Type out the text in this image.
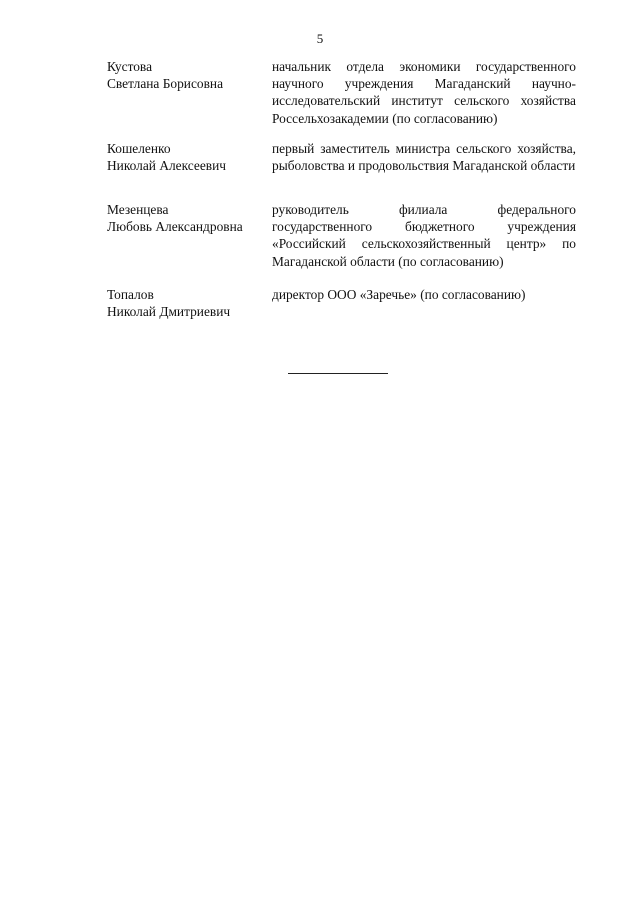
5
Кустова
Светлана Борисовна
начальник отдела экономики государственного научного учреждения Магаданский научно-исследовательский институт сельского хозяйства Россельхозакадемии (по согласованию)
Кошеленко
Николай Алексеевич
первый заместитель министра сельского хозяйства, рыболовства и продовольствия Магаданской области
Мезенцева
Любовь Александровна
руководитель филиала федерального государственного бюджетного учреждения «Российский сельскохозяйственный центр» по Магаданской области (по согласованию)
Топалов
Николай Дмитриевич
директор ООО «Заречье» (по согласованию)
